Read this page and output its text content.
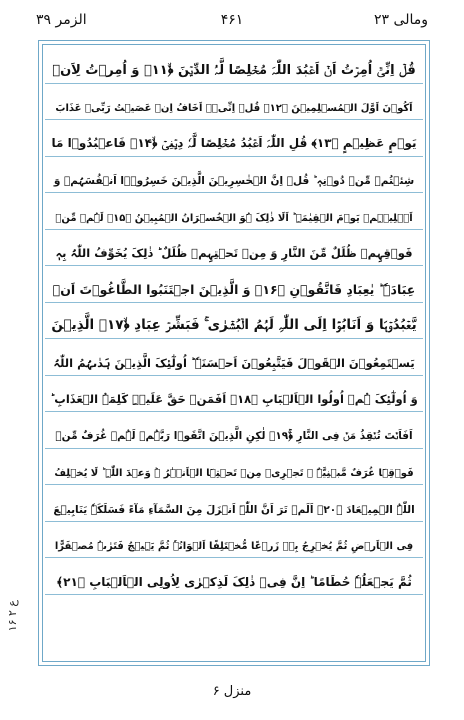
الزمر ۳۹	۴۶۱	ومالی ۲۳
قُلۡ اِنِّیۡۤ اُمِرۡتُ اَنۡ اَعۡبُدَ اللّٰہَ مُخۡلِصًا لَّہُ الدِّیۡنَ ﴿ۙ۱۱﴾ وَ اُمِرۡتُ لِاَنۡ
اَکُوۡنَ اَوَّلَ الۡمُسۡلِمِیۡنَ ﴿۱۲﴾ قُلۡ اِنِّیۡۤ اَخَافُ اِنۡ عَصَیۡتُ رَبِّیۡ عَذَابَ
یَوۡمٍ عَظِیۡمٍ ﴿۱۳﴾ قُلِ اللّٰہَ اَعۡبُدُ مُخۡلِصًا لَّہٗ دِیۡنِیۡ ﴿ۙ۱۴﴾ فَاعۡبُدُوۡا مَا
شِئۡتُمۡ مِّنۡ دُوۡنِہٖ ؕ قُلۡ اِنَّ الۡخٰسِرِیۡنَ الَّذِیۡنَ خَسِرُوۡۤا اَنۡفُسَہُمۡ وَ
اَہۡلِیۡہِمۡ یَوۡمَ الۡقِیٰمَۃِ ؕ اَلَا ذٰلِکَ ہُوَ الۡخُسۡرَانُ الۡمُبِیۡنُ ﴿۱۵﴾ لَہُمۡ مِّنۡ
فَوۡقِہِمۡ ظُلَلٌ مِّنَ النَّارِ وَ مِنۡ تَحۡتِہِمۡ ظُلَلٌ ؕ ذٰلِکَ یُخَوِّفُ اللّٰہُ بِہٖ
عِبَادَہٗ ؕ یٰعِبَادِ فَاتَّقُوۡنِ ﴿۱۶﴾ وَ الَّذِیۡنَ اجۡتَنَبُوا الطَّاغُوۡتَ اَنۡ
یَّعۡبُدُوۡہَا وَ اَنَابُوۡۤا اِلَی اللّٰہِ لَہُمُ الۡبُشۡرٰی ۚ فَبَشِّرۡ عِبَادِ ﴿ۙ۱۷﴾ الَّذِیۡنَ
یَسۡتَمِعُوۡنَ الۡقَوۡلَ فَیَتَّبِعُوۡنَ اَحۡسَنَہٗ ؕ اُولٰٓئِکَ الَّذِیۡنَ ہَدٰىہُمُ اللّٰہُ
وَ اُولٰٓئِکَ ہُمۡ اُولُوا الۡاَلۡبَابِ ﴿۱۸﴾ اَفَمَنۡ حَقَّ عَلَیۡہِ کَلِمَۃُ الۡعَذَابِ ؕ
اَفَاَنۡتَ تُنۡقِذُ مَنۡ فِی النَّارِ ﴿ۚ۱۹﴾ لٰکِنِ الَّذِیۡنَ اتَّقَوۡا رَبَّہُمۡ لَہُمۡ غُرَفٌ مِّنۡ
فَوۡقِہَا غُرَفٌ مَّبۡنِیَّۃٌ ۙ تَجۡرِیۡ مِنۡ تَحۡتِہَا الۡاَنۡہٰرُ ۬ؕ وَعۡدَ اللّٰہِ ؕ لَا یُخۡلِفُ
اللّٰہُ الۡمِیۡعَادَ ﴿۲۰﴾ اَلَمۡ تَرَ اَنَّ اللّٰہَ اَنۡزَلَ مِنَ السَّمَآءِ مَآءً فَسَلَکَہٗ یَنَابِیۡعَ
فِی الۡاَرۡضِ ثُمَّ یُخۡرِجُ بِہٖ زَرۡعًا مُّخۡتَلِفًا اَلۡوَانُہٗ ثُمَّ یَہِیۡجُ فَتَرٰىہُ مُصۡفَرًّا
ثُمَّ یَجۡعَلُہٗ حُطَامًا ؕ اِنَّ فِیۡ ذٰلِکَ لَذِکۡرٰی لِاُولِی الۡاَلۡبَابِ ﴿۲۱﴾
ع ۲ ۱۶
منزل ۶
